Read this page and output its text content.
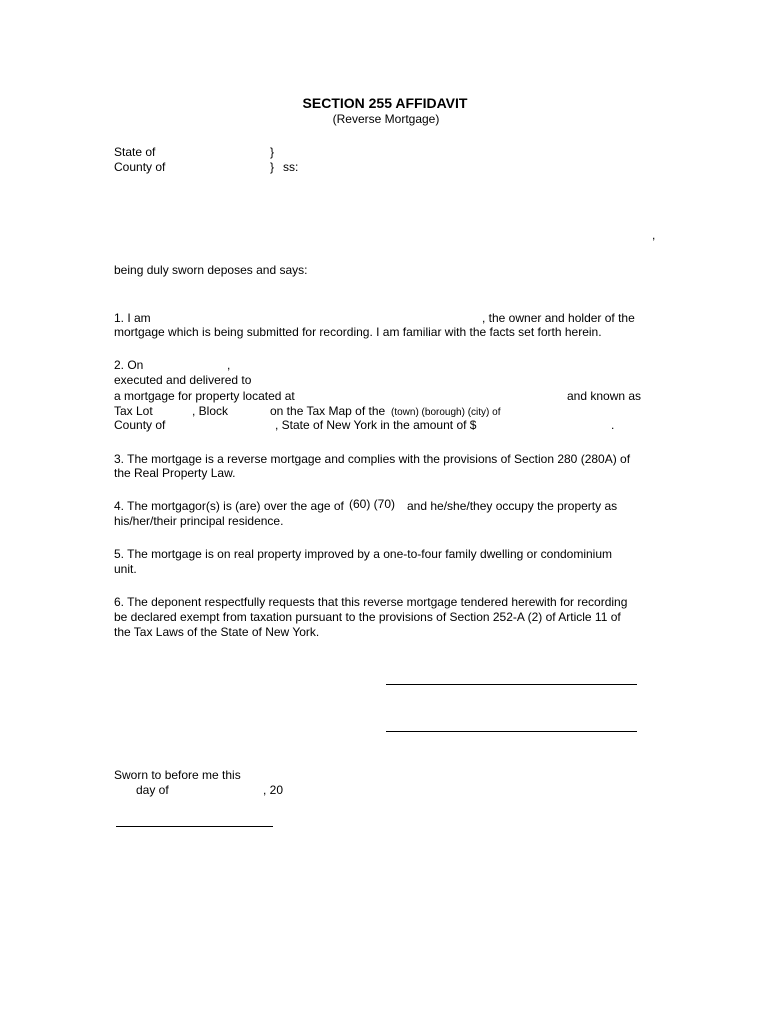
SECTION 255 AFFIDAVIT
(Reverse Mortgage)
State of	}
County of	} ss:
,
being duly sworn deposes and says:
1. I am	, the owner and holder of the
mortgage which is being submitted for recording. I am familiar with the facts set forth herein.
2. On	,
executed and delivered to
a mortgage for property located at	and known as
Tax Lot	, Block	on the Tax Map of the (town) (borough) (city) of
County of	, State of New York in the amount of $	.
3. The mortgage is a reverse mortgage and complies with the provisions of Section 280 (280A) of
the Real Property Law.
4. The mortgagor(s) is (are) over the age of (60) (70) and he/she/they occupy the property as
his/her/their principal residence.
5. The mortgage is on real property improved by a one-to-four family dwelling or condominium
unit.
6. The deponent respectfully requests that this reverse mortgage tendered herewith for recording
be declared exempt from taxation pursuant to the provisions of Section 252-A (2) of Article 11 of
the Tax Laws of the State of New York.
Sworn to before me this
day of	, 20
